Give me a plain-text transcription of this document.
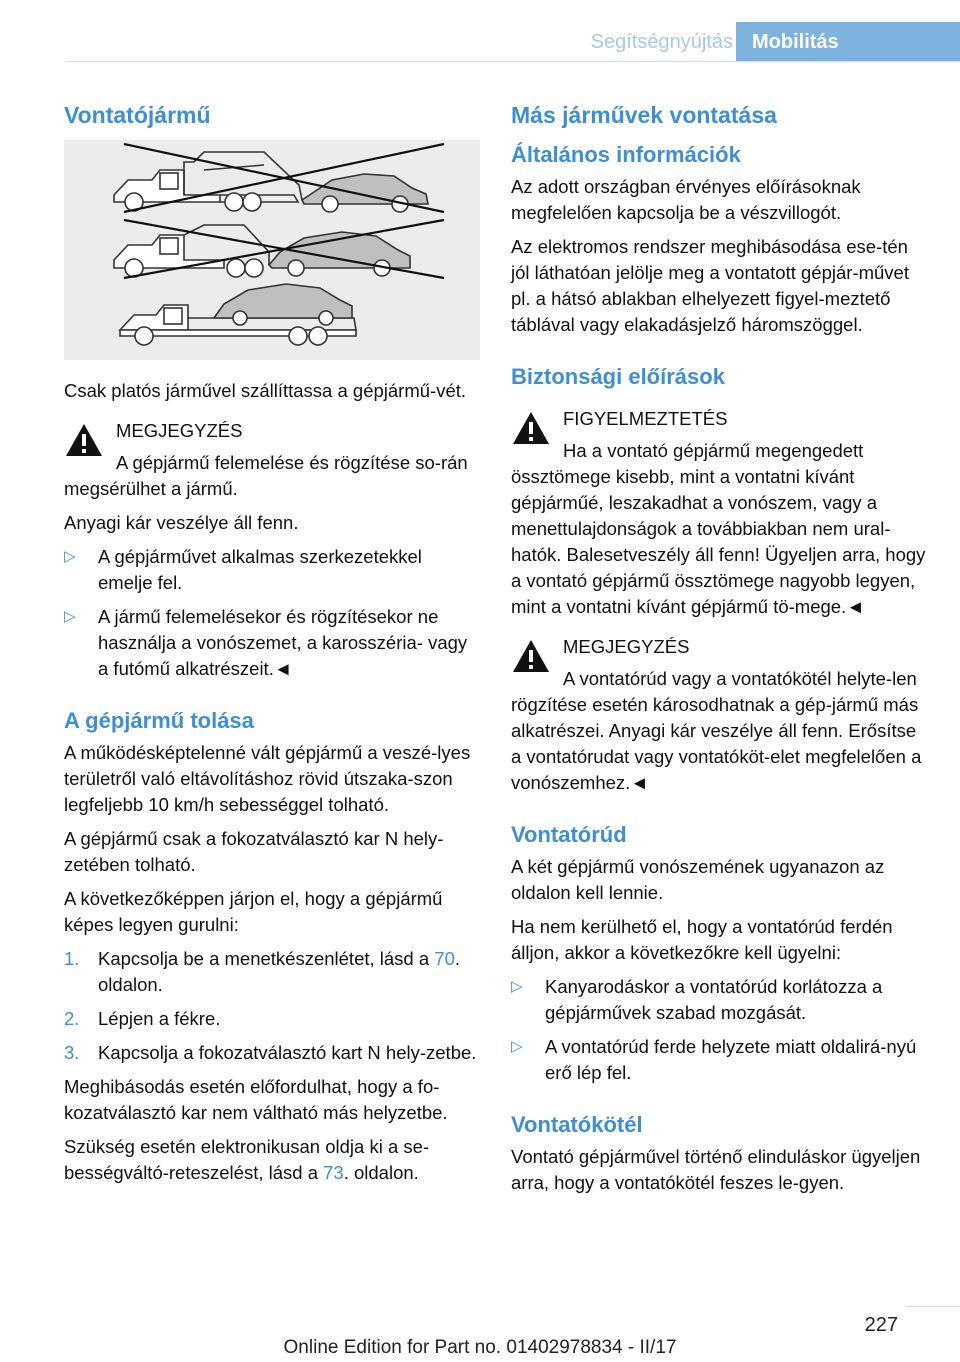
Segítségnyújtás Mobilitás
Vontatójármű

Csak platós járművel szállíttassa a gépjármű-vét.

MEGJEGYZÉS
A gépjármű felemelése és rögzítése so-rán megsérülhet a jármű.

Anyagi kár veszélye áll fenn.

▷ A gépjárművet alkalmas szerkezetekkel emelje fel.
▷ A jármű felemelésekor és rögzítésekor ne használja a vonószemet, a karosszéria- vagy a futómű alkatrészeit.◄
A gépjármű tolása

A működésképtelenné vált gépjármű a veszé-lyes területről való eltávolításhoz rövid útszaka-szon legfeljebb 10 km/h sebességgel tolható.

A gépjármű csak a fokozatválasztó kar N hely-zetében tolható.

A következőképpen járjon el, hogy a gépjármű képes legyen gurulni:

1. Kapcsolja be a menetkészenlétet, lásd a 70. oldalon.
2. Lépjen a fékre.
3. Kapcsolja a fokozatválasztó kart N hely-zetbe.

Meghibásodás esetén előfordulhat, hogy a fo-kozatválasztó kar nem váltható más helyzetbe.

Szükség esetén elektronikusan oldja ki a se-bességváltó-reteszelést, lásd a 73. oldalon.

Más járművek vontatása
Általános információk

Az adott országban érvényes előírásoknak megfelelően kapcsolja be a vészvillogót.

Az elektromos rendszer meghibásodása ese-tén jól láthatóan jelölje meg a vontatott gépjár-művet pl. a hátsó ablakban elhelyezett figyel-meztető táblával vagy elakadásjelző háromszöggel.

Biztonsági előírások
FIGYELMEZTETÉS
Ha a vontató gépjármű megengedett össztömege kisebb, mint a vontatni kívánt gépjárműé, leszakadhat a vonószem, vagy a menettulajdonságok a továbbiakban nem ural-hatók. Balesetveszély áll fenn! Ügyeljen arra, hogy a vontató gépjármű össztömege nagyobb legyen, mint a vontatni kívánt gépjármű tö-mege.◄
MEGJEGYZÉS
A vontatórúd vagy a vontatókötél helyte-len rögzítése esetén károsodhatnak a gép-jármű más alkatrészei. Anyagi kár veszélye áll fenn. Erősítse a vontatórudat vagy vontatóköt-elet megfelelően a vonószemhez.◄
Vontatórúd

A két gépjármű vonószemének ugyanazon az oldalon kell lennie.

Ha nem kerülhető el, hogy a vontatórúd ferdén álljon, akkor a következőkre kell ügyelni:

▷ Kanyarodáskor a vontatórúd korlátozza a gépjárművek szabad mozgását.
▷ A vontatórúd ferde helyzete miatt oldalirá-nyú erő lép fel.
Vontatókötél

Vontató gépjárművel történő elinduláskor ügyeljen arra, hogy a vontatókötél feszes le-gyen.

227
Online Edition for Part no. 01402978834 - II/17
